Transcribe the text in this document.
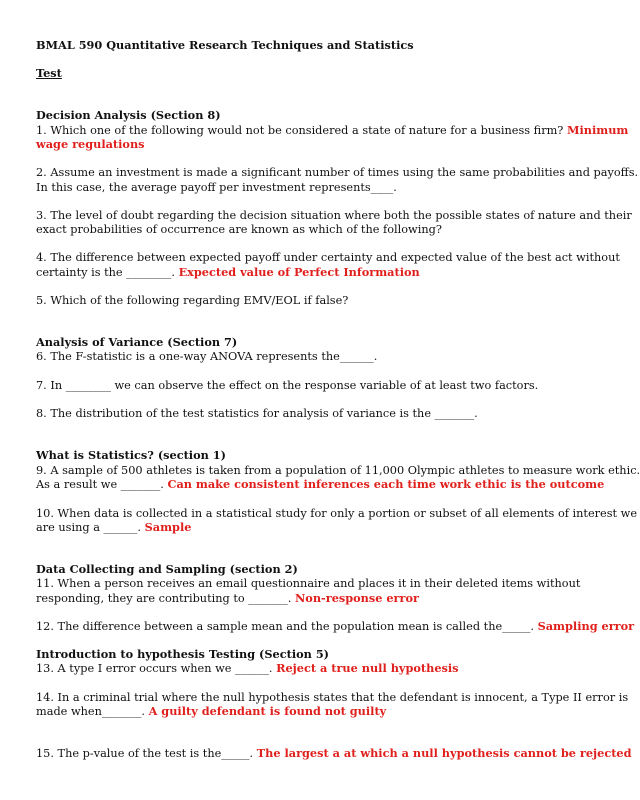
BMAL 590 Quantitative Research Techniques and Statistics
Test
Decision Analysis (Section 8)
1. Which one of the following would not be considered a state of nature for a business firm? Minimum
wage regulations
2. Assume an investment is made a significant number of times using the same probabilities and payoffs.
In this case, the average payoff per investment represents____.
3. The level of doubt regarding the decision situation where both the possible states of nature and their
exact probabilities of occurrence are known as which of the following?
4. The difference between expected payoff under certainty and expected value of the best act without
certainty is the ________. Expected value of Perfect Information
5. Which of the following regarding EMV/EOL if false?
Analysis of Variance (Section 7)
6. The F-statistic is a one-way ANOVA represents the______.
7. In ________ we can observe the effect on the response variable of at least two factors.
8. The distribution of the test statistics for analysis of variance is the _______.
What is Statistics? (section 1)
9. A sample of 500 athletes is taken from a population of 11,000 Olympic athletes to measure work ethic.
As a result we _______. Can make consistent inferences each time work ethic is the outcome
10. When data is collected in a statistical study for only a portion or subset of all elements of interest we
are using a ______. Sample
Data Collecting and Sampling (section 2)
11. When a person receives an email questionnaire and places it in their deleted items without
responding, they are contributing to _______. Non-response error
12. The difference between a sample mean and the population mean is called the_____. Sampling error
Introduction to hypothesis Testing (Section 5)
13. A type I error occurs when we ______. Reject a true null hypothesis
14. In a criminal trial where the null hypothesis states that the defendant is innocent, a Type II error is
made when_______. A guilty defendant is found not guilty
15. The p-value of the test is the_____. The largest a at which a null hypothesis cannot be rejected
